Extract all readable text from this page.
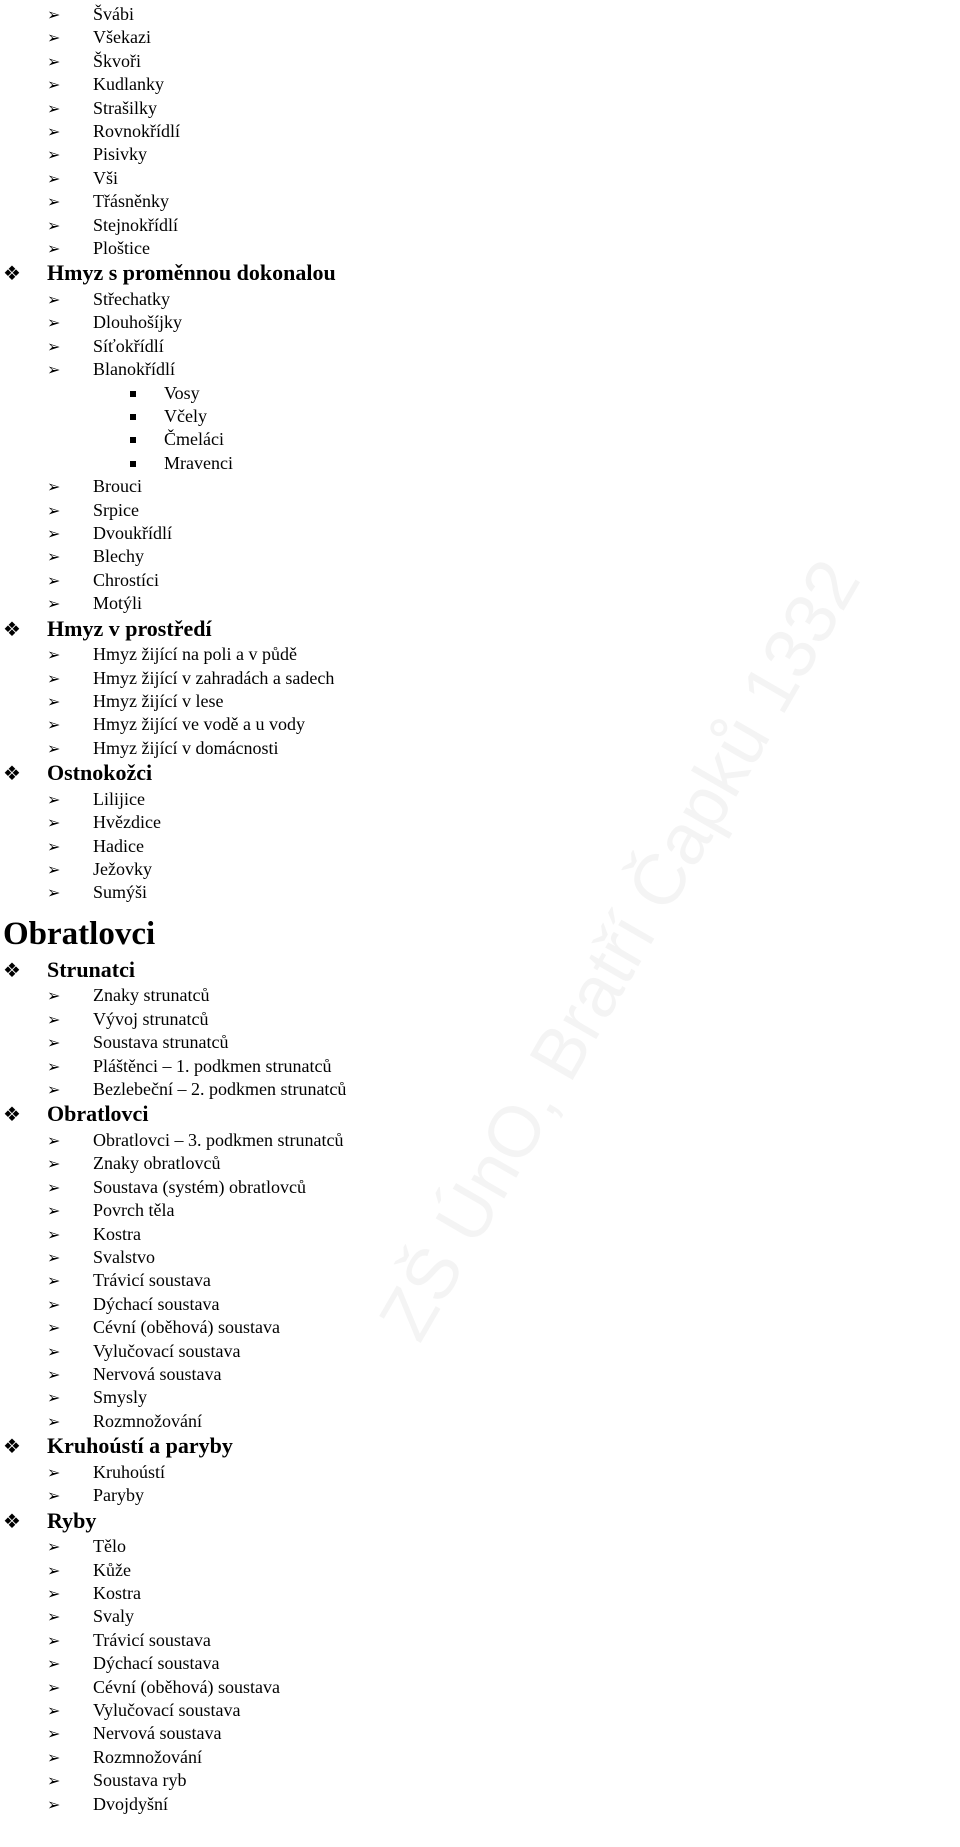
➢ Švábi
➢ Všekazi
➢ Škvoři
➢ Kudlanky
➢ Strašilky
➢ Rovnokřídlí
➢ Pisivky
➢ Vši
➢ Třásněnky
➢ Stejnokřídlí
➢ Ploštice
❖ Hmyz s proměnnou dokonalou
➢ Střechatky
➢ Dlouhošíjky
➢ Síťokřídlí
➢ Blanokřídlí
Vosy
Včely
Čmeláci
Mravenci
➢ Brouci
➢ Srpice
➢ Dvoukřídlí
➢ Blechy
➢ Chrostíci
➢ Motýli
❖ Hmyz v prostředí
➢ Hmyz žijící na poli a v půdě
➢ Hmyz žijící v zahradách a sadech
➢ Hmyz žijící v lese
➢ Hmyz žijící ve vodě a u vody
➢ Hmyz žijící v domácnosti
❖ Ostnokožci
➢ Lilijice
➢ Hvězdice
➢ Hadice
➢ Ježovky
➢ Sumýši
Obratlovci
❖ Strunatci
➢ Znaky strunatců
➢ Vývoj strunatců
➢ Soustava strunatců
➢ Pláštěnci – 1. podkmen strunatců
➢ Bezlebeční – 2. podkmen strunatců
❖ Obratlovci
➢ Obratlovci – 3. podkmen strunatců
➢ Znaky obratlovců
➢ Soustava (systém) obratlovců
➢ Povrch těla
➢ Kostra
➢ Svalstvo
➢ Trávicí soustava
➢ Dýchací soustava
➢ Cévní (oběhová) soustava
➢ Vylučovací soustava
➢ Nervová soustava
➢ Smysly
➢ Rozmnožování
❖ Kruhoústí a paryby
➢ Kruhoústí
➢ Paryby
❖ Ryby
➢ Tělo
➢ Kůže
➢ Kostra
➢ Svaly
➢ Trávicí soustava
➢ Dýchací soustava
➢ Cévní (oběhová) soustava
➢ Vylučovací soustava
➢ Nervová soustava
➢ Rozmnožování
➢ Soustava ryb
➢ Dvojdyšní
